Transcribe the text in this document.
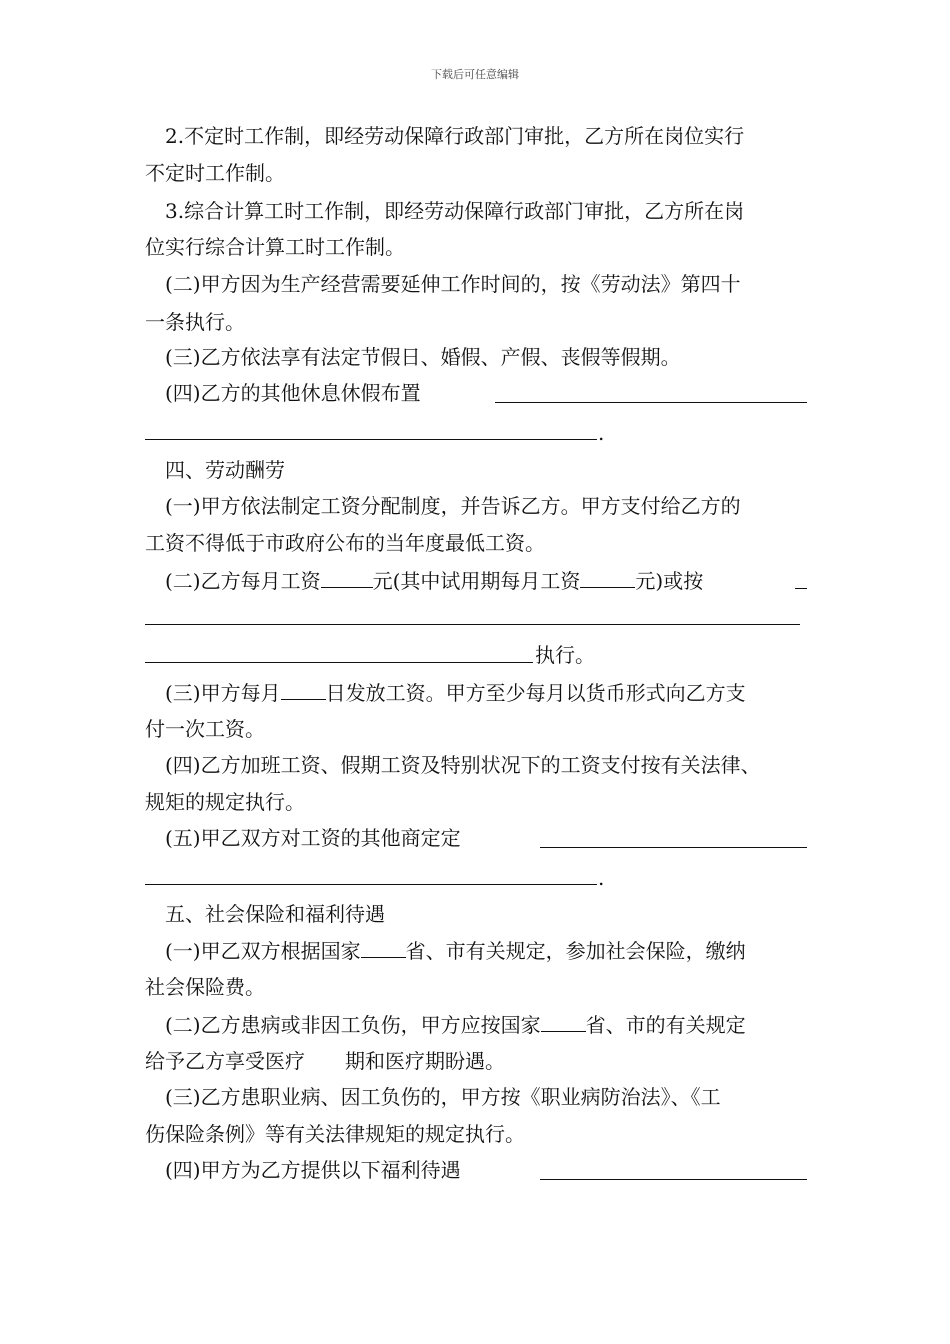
下载后可任意编辑
2.不定时工作制，即经劳动保障行政部门审批，乙方所在岗位实行
不定时工作制。
3.综合计算工时工作制，即经劳动保障行政部门审批，乙方所在岗
位实行综合计算工时工作制。
(二)甲方因为生产经营需要延伸工作时间的，按《劳动法》第四十
一条执行。
(三)乙方依法享有法定节假日、婚假、产假、丧假等假期。
(四)乙方的其他休息休假布置
.
四、劳动酬劳
(一)甲方依法制定工资分配制度，并告诉乙方。甲方支付给乙方的
工资不得低于市政府公布的当年度最低工资。
(二)乙方每月工资	元(其中试用期每月工资	元)或按
执行。
(三)甲方每月 日发放工资。甲方至少每月以货币形式向乙方支
付一次工资。
(四)乙方加班工资、假期工资及特别状况下的工资支付按有关法律、
规矩的规定执行。
(五)甲乙双方对工资的其他商定定
.
五、社会保险和福利待遇
(一)甲乙双方根据国家 省、市有关规定，参加社会保险，缴纳
社会保险费。
(二)乙方患病或非因工负伤，甲方应按国家 省、市的有关规定
给予乙方享受医疗　　期和医疗期盼遇。
(三)乙方患职业病、因工负伤的，甲方按《职业病防治法》、《工
伤保险条例》等有关法律规矩的规定执行。
(四)甲方为乙方提供以下福利待遇
